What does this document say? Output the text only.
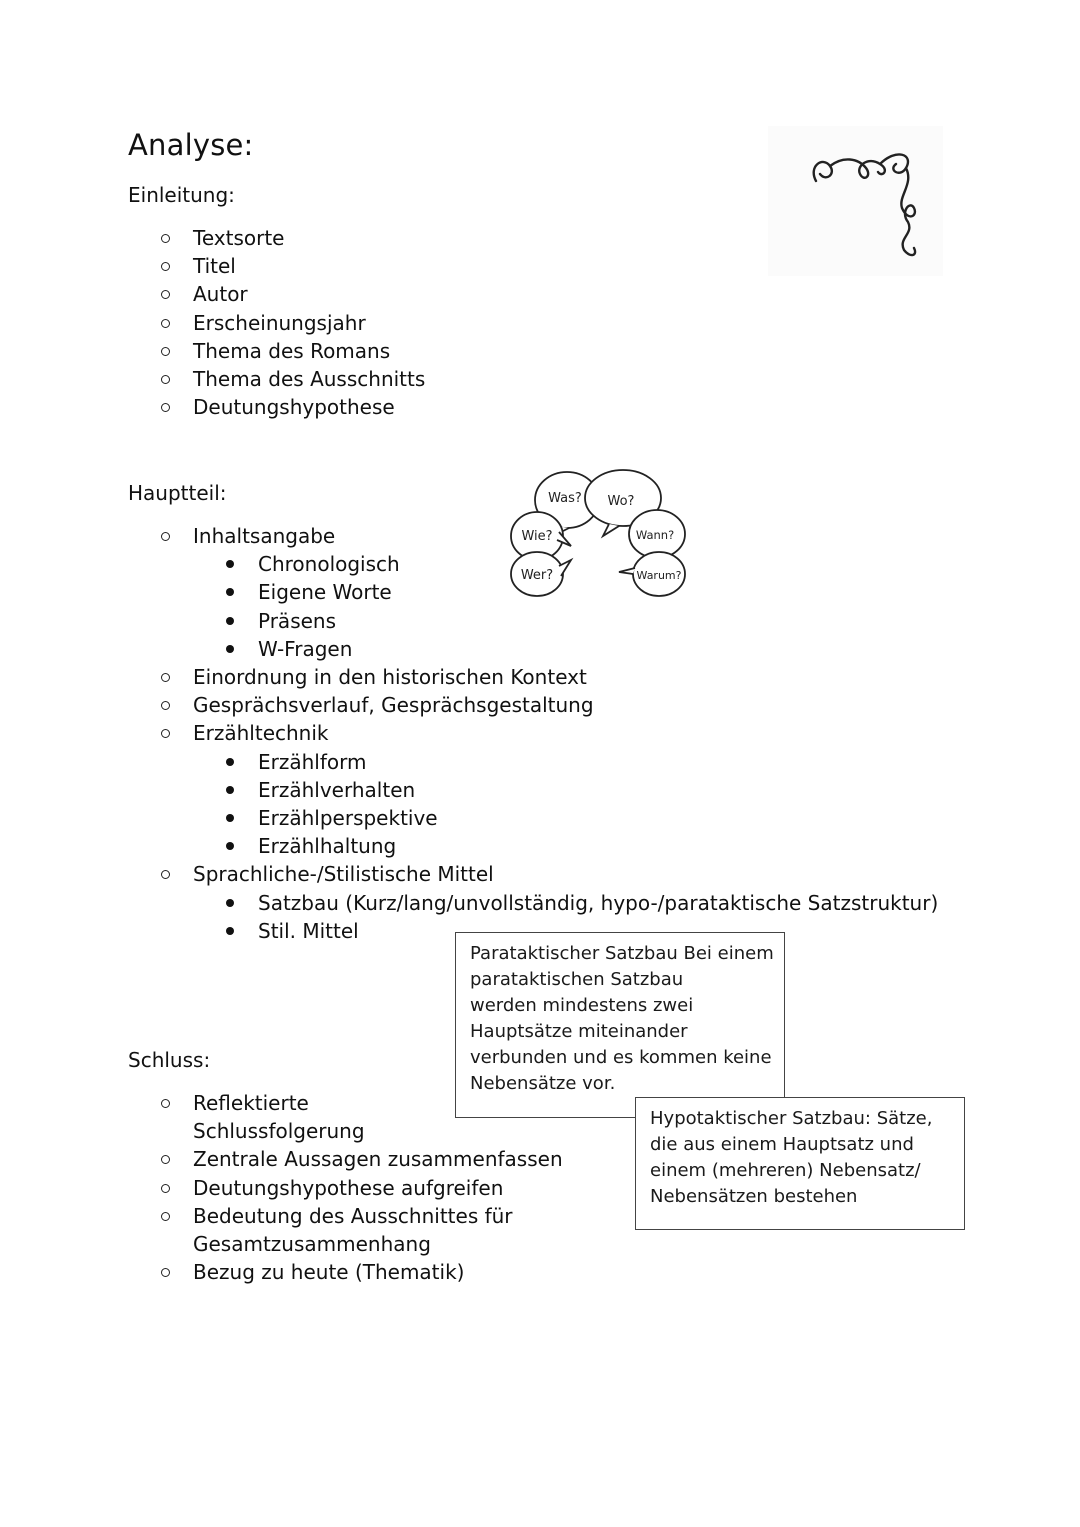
Analyse:
Einleitung:
Textsorte
Titel
Autor
Erscheinungsjahr
Thema des Romans
Thema des Ausschnitts
Deutungshypothese
Hauptteil:
Inhaltsangabe
Chronologisch
Eigene Worte
Präsens
W-Fragen
Einordnung in den historischen Kontext
Gesprächsverlauf, Gesprächsgestaltung
Erzähltechnik
Erzählform
Erzählverhalten
Erzählperspektive
Erzählhaltung
Sprachliche-/Stilistische Mittel
Satzbau (Kurz/lang/unvollständig, hypo-/parataktische Satzstruktur)
Stil. Mittel
Was? Wo?
Wie?	Wann?
Wer?	Warum?
Schluss:
Reflektierte
Schlussfolgerung
Zentrale Aussagen zusammenfassen
Deutungshypothese aufgreifen
Bedeutung des Ausschnittes für
Gesamtzusammenhang
Bezug zu heute (Thematik)
Parataktischer Satzbau Bei einem
parataktischen Satzbau
werden mindestens zwei
Hauptsätze miteinander
verbunden und es kommen keine
Nebensätze vor.
Hypotaktischer Satzbau: Sätze,
die aus einem Hauptsatz und
einem (mehreren) Nebensatz/
Nebensätzen bestehen
